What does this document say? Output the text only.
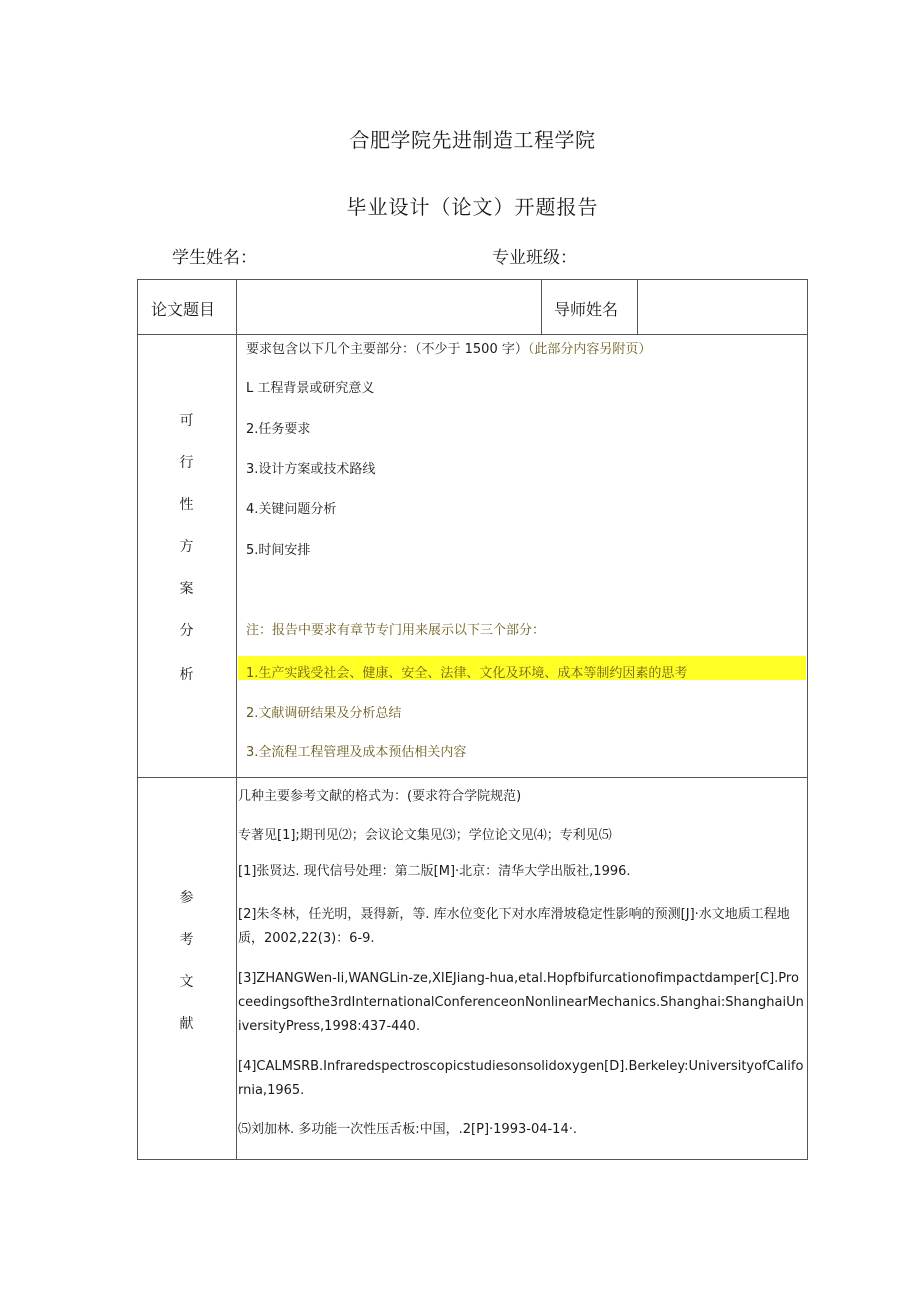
合肥学院先进制造工程学院
毕业设计（论文）开题报告
学生姓名：	专业班级：
论文题目	导师姓名
可
行
性
方
案
分
析
要求包含以下几个主要部分：（不少于 1500 字）（此部分内容另附页）
L 工程背景或研究意义
2.任务要求
3.设计方案或技术路线
4.关键问题分析
5.时间安排
注：报告中要求有章节专门用来展示以下三个部分：
1.生产实践受社会、健康、安全、法律、文化及环境、成本等制约因素的思考
2.文献调研结果及分析总结
3.全流程工程管理及成本预估相关内容
参
考
文
献
几种主要参考文献的格式为：(要求符合学院规范)
专著见[1];期刊见⑵；会议论文集见⑶；学位论文见⑷；专利见⑸
[1]张贤达. 现代信号处理：第二版[M]·北京：清华大学出版社,1996.
[2]朱冬林，任光明，聂得新，等. 库水位变化下对水库滑坡稳定性影响的预测[J]·水文地质工程地质，2002,22(3)：6-9.
[3]ZHANGWen-Ii,WANGLin-ze,XIEJiang-hua,etal.Hopfbifurcationofimpactdamper[C].Proceedingsofthe3rdInternationalConferenceonNonlinearMechanics.Shanghai:ShanghaiUniversityPress,1998:437-440.
[4]CALMSRB.Infraredspectroscopicstudiesonsolidoxygen[D].Berkeley:UniversityofCalifornia,1965.
⑸刘加林. 多功能一次性压舌板:中国，.2[P]·1993-04-14·.
